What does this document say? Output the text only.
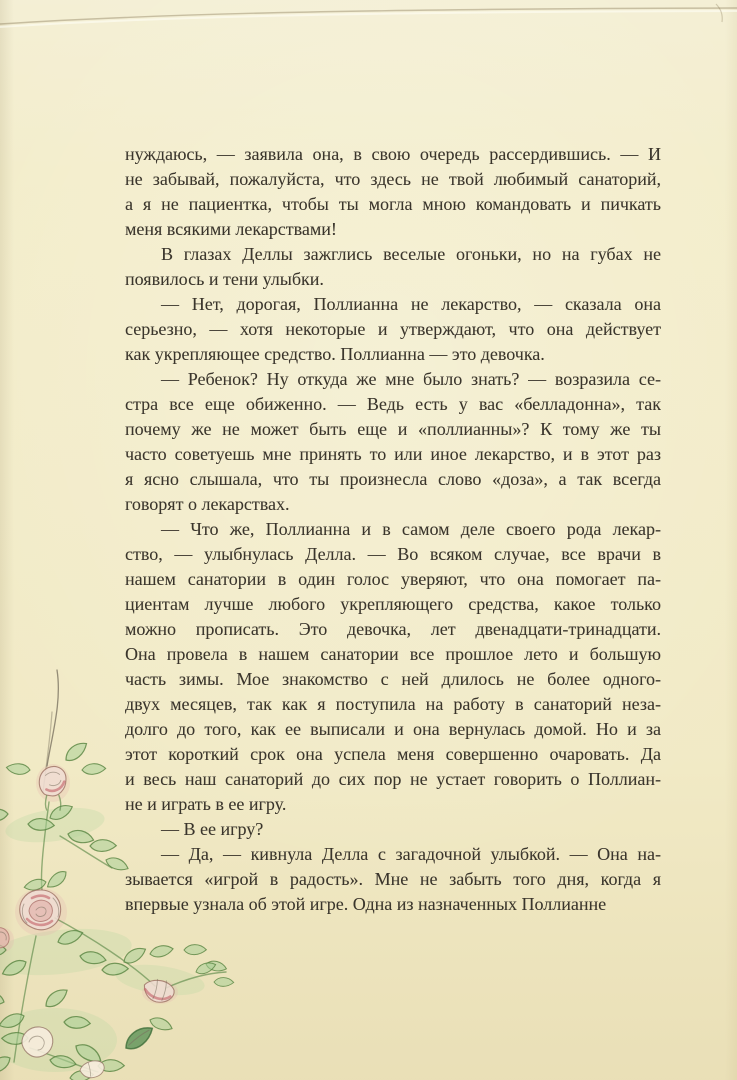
нуждаюсь, — заявила она, в свою очередь рассердившись. — И
не забывай, пожалуйста, что здесь не твой любимый санаторий,
а я не пациентка, чтобы ты могла мною командовать и пичкать
меня всякими лекарствами!
В глазах Деллы зажглись веселые огоньки, но на губах не
появилось и тени улыбки.
— Нет, дорогая, Поллианна не лекарство, — сказала она
серьезно, — хотя некоторые и утверждают, что она действует
как укрепляющее средство. Поллианна — это девочка.
— Ребенок? Ну откуда же мне было знать? — возразила се-
стра все еще обиженно. — Ведь есть у вас «белладонна», так
почему же не может быть еще и «поллианны»? К тому же ты
часто советуешь мне принять то или иное лекарство, и в этот раз
я ясно слышала, что ты произнесла слово «доза», а так всегда
говорят о лекарствах.
— Что же, Поллианна и в самом деле своего рода лекар-
ство, — улыбнулась Делла. — Во всяком случае, все врачи в
нашем санатории в один голос уверяют, что она помогает па-
циентам лучше любого укрепляющего средства, какое только
можно прописать. Это девочка, лет двенадцати-тринадцати.
Она провела в нашем санатории все прошлое лето и большую
часть зимы. Мое знакомство с ней длилось не более одного-
двух месяцев, так как я поступила на работу в санаторий неза-
долго до того, как ее выписали и она вернулась домой. Но и за
этот короткий срок она успела меня совершенно очаровать. Да
и весь наш санаторий до сих пор не устает говорить о Поллиан-
не и играть в ее игру.
— В ее игру?
— Да, — кивнула Делла с загадочной улыбкой. — Она на-
зывается «игрой в радость». Мне не забыть того дня, когда я
впервые узнала об этой игре. Одна из назначенных Поллианне
